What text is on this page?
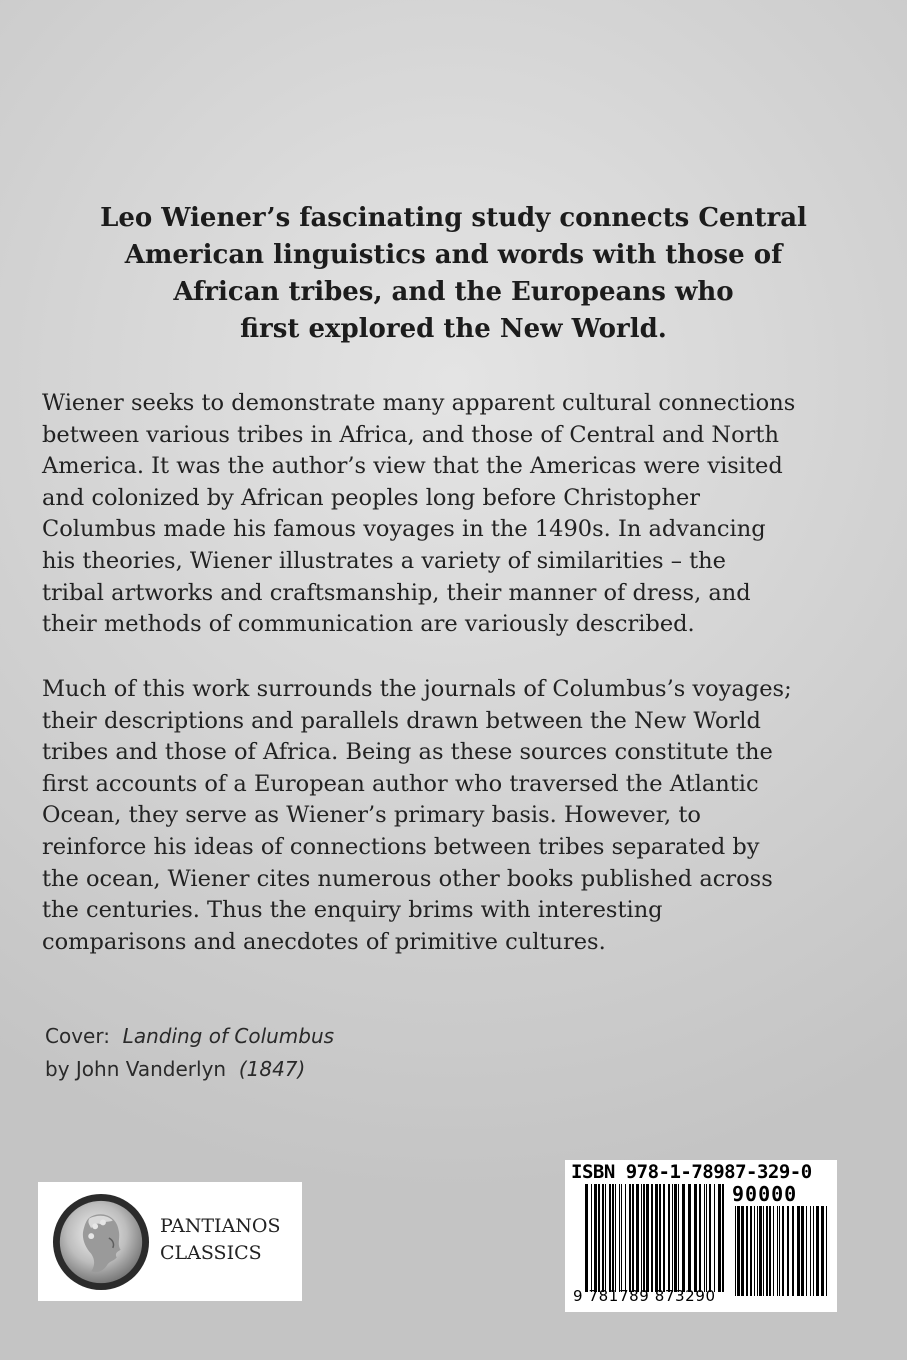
Leo Wiener’s fascinating study connects Central
American linguistics and words with those of
African tribes, and the Europeans who
first explored the New World.
Wiener seeks to demonstrate many apparent cultural connections
between various tribes in Africa, and those of Central and North
America. It was the author’s view that the Americas were visited
and colonized by African peoples long before Christopher
Columbus made his famous voyages in the 1490s. In advancing
his theories, Wiener illustrates a variety of similarities – the
tribal artworks and craftsmanship, their manner of dress, and
their methods of communication are variously described.
Much of this work surrounds the journals of Columbus’s voyages;
their descriptions and parallels drawn between the New World
tribes and those of Africa. Being as these sources constitute the
first accounts of a European author who traversed the Atlantic
Ocean, they serve as Wiener’s primary basis. However, to
reinforce his ideas of connections between tribes separated by
the ocean, Wiener cites numerous other books published across
the centuries. Thus the enquiry brims with interesting
comparisons and anecdotes of primitive cultures.
Cover: Landing of Columbus
by John Vanderlyn (1847)
PANTIANOS
CLASSICS
ISBN 978-1-78987-329-0
90000
9 781789 873290
